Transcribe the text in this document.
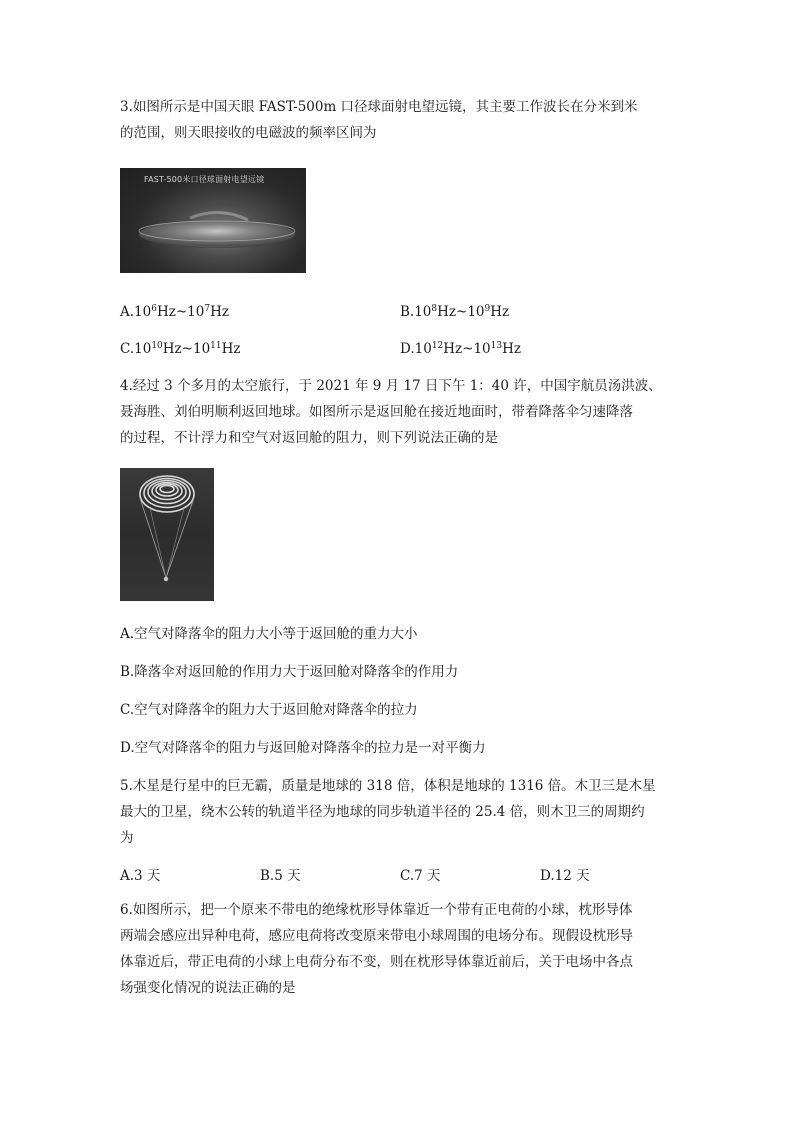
3.如图所示是中国天眼 FAST-500m 口径球面射电望远镜，其主要工作波长在分米到米
的范围，则天眼接收的电磁波的频率区间为
FAST-500米口径球面射电望远镜
$A.10^6Hz\sim 10^7Hz$	$B.10^8Hz\sim 10^9Hz$
$C.10^{10}Hz\sim 10^{11}Hz$	$D.10^{12}Hz\sim 10^{13}Hz$
4.经过 3 个多月的太空旅行，于 2021 年 9 月 17 日下午 1：40 许，中国宇航员汤洪波、
聂海胜、刘伯明顺利返回地球。如图所示是返回舱在接近地面时，带着降落伞匀速降落
的过程，不计浮力和空气对返回舱的阻力，则下列说法正确的是
A.空气对降落伞的阻力大小等于返回舱的重力大小
B.降落伞对返回舱的作用力大于返回舱对降落伞的作用力
C.空气对降落伞的阻力大于返回舱对降落伞的拉力
D.空气对降落伞的阻力与返回舱对降落伞的拉力是一对平衡力
5.木星是行星中的巨无霸，质量是地球的 318 倍，体积是地球的 1316 倍。木卫三是木星
最大的卫星，绕木公转的轨道半径为地球的同步轨道半径的 25.4 倍，则木卫三的周期约
为
A.3 天	B.5 天	C.7 天	D.12 天
6.如图所示，把一个原来不带电的绝缘枕形导体靠近一个带有正电荷的小球，枕形导体
两端会感应出异种电荷，感应电荷将改变原来带电小球周围的电场分布。现假设枕形导
体靠近后，带正电荷的小球上电荷分布不变，则在枕形导体靠近前后，关于电场中各点
场强变化情况的说法正确的是
